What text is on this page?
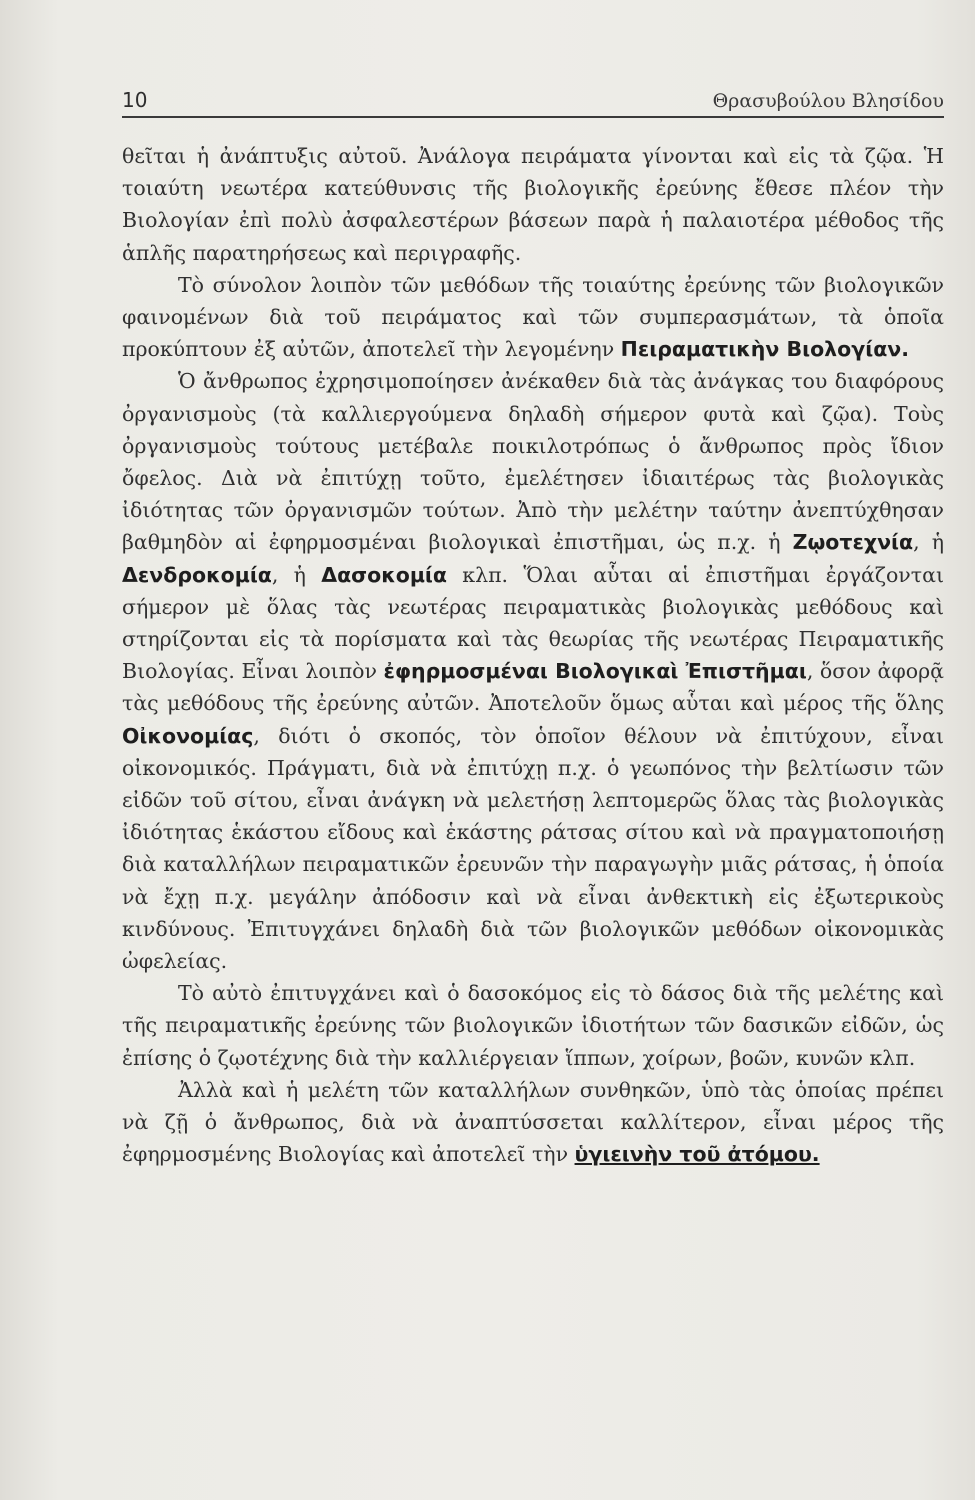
10	Θρασυβούλου Βλησίδου

θεῖται ἡ ἀνάπτυξις αὐτοῦ. Ἀνάλογα πειράματα γίνονται καὶ εἰς τὰ ζῷα. Ἡ τοιαύτη νεωτέρα κατεύθυνσις τῆς βιολογικῆς ἐρεύνης ἔθεσε πλέον τὴν Βιολογίαν ἐπὶ πολὺ ἀσφαλεστέρων βάσεων παρὰ ἡ παλαιοτέρα μέθοδος τῆς ἁπλῆς παρατηρήσεως καὶ περιγραφῆς.

Τὸ σύνολον λοιπὸν τῶν μεθόδων τῆς τοιαύτης ἐρεύνης τῶν βιολογικῶν φαινομένων διὰ τοῦ πειράματος καὶ τῶν συμπερασμάτων, τὰ ὁποῖα προκύπτουν ἐξ αὐτῶν, ἀποτελεῖ τὴν λεγομένην Πειραματικὴν Βιολογίαν.

Ὁ ἄνθρωπος ἐχρησιμοποίησεν ἀνέκαθεν διὰ τὰς ἀνάγκας του διαφόρους ὀργανισμοὺς (τὰ καλλιεργούμενα δηλαδὴ σήμερον φυτὰ καὶ ζῷα). Τοὺς ὀργανισμοὺς τούτους μετέβαλε ποικιλοτρόπως ὁ ἄνθρωπος πρὸς ἴδιον ὄφελος. Διὰ νὰ ἐπιτύχῃ τοῦτο, ἐμελέτησεν ἰδιαιτέρως τὰς βιολογικὰς ἰδιότητας τῶν ὀργανισμῶν τούτων. Ἀπὸ τὴν μελέτην ταύτην ἀνεπτύχθησαν βαθμηδὸν αἱ ἐφηρμοσμέναι βιολογικαὶ ἐπιστῆμαι, ὡς π.χ. ἡ Ζῳοτεχνία, ἡ Δενδροκομία, ἡ Δασοκομία κλπ. Ὅλαι αὗται αἱ ἐπιστῆμαι ἐργάζονται σήμερον μὲ ὅλας τὰς νεωτέρας πειραματικὰς βιολογικὰς μεθόδους καὶ στηρίζονται εἰς τὰ πορίσματα καὶ τὰς θεωρίας τῆς νεωτέρας Πειραματικῆς Βιολογίας. Εἶναι λοιπὸν ἐφηρμοσμέναι Βιολογικαὶ Ἐπιστῆμαι, ὅσον ἀφορᾷ τὰς μεθόδους τῆς ἐρεύνης αὐτῶν. Ἀποτελοῦν ὅμως αὗται καὶ μέρος τῆς ὅλης Οἰκονομίας, διότι ὁ σκοπός, τὸν ὁποῖον θέλουν νὰ ἐπιτύχουν, εἶναι οἰκονομικός. Πράγματι, διὰ νὰ ἐπιτύχῃ π.χ. ὁ γεωπόνος τὴν βελτίωσιν τῶν εἰδῶν τοῦ σίτου, εἶναι ἀνάγκη νὰ μελετήσῃ λεπτομερῶς ὅλας τὰς βιολογικὰς ἰδιότητας ἑκάστου εἴδους καὶ ἑκάστης ράτσας σίτου καὶ νὰ πραγματοποιήσῃ διὰ καταλλήλων πειραματικῶν ἐρευνῶν τὴν παραγωγὴν μιᾶς ράτσας, ἡ ὁποία νὰ ἔχῃ π.χ. μεγάλην ἀπόδοσιν καὶ νὰ εἶναι ἀνθεκτικὴ εἰς ἐξωτερικοὺς κινδύνους. Ἐπιτυγχάνει δηλαδὴ διὰ τῶν βιολογικῶν μεθόδων οἰκονομικὰς ὠφελείας.

Τὸ αὐτὸ ἐπιτυγχάνει καὶ ὁ δασοκόμος εἰς τὸ δάσος διὰ τῆς μελέτης καὶ τῆς πειραματικῆς ἐρεύνης τῶν βιολογικῶν ἰδιοτήτων τῶν δασικῶν εἰδῶν, ὡς ἐπίσης ὁ ζῳοτέχνης διὰ τὴν καλλιέργειαν ἵππων, χοίρων, βοῶν, κυνῶν κλπ.

Ἀλλὰ καὶ ἡ μελέτη τῶν καταλλήλων συνθηκῶν, ὑπὸ τὰς ὁποίας πρέπει νὰ ζῇ ὁ ἄνθρωπος, διὰ νὰ ἀναπτύσσεται καλλίτερον, εἶναι μέρος τῆς ἐφηρμοσμένης Βιολογίας καὶ ἀποτελεῖ τὴν ὑγιεινὴν τοῦ ἀτόμου.
